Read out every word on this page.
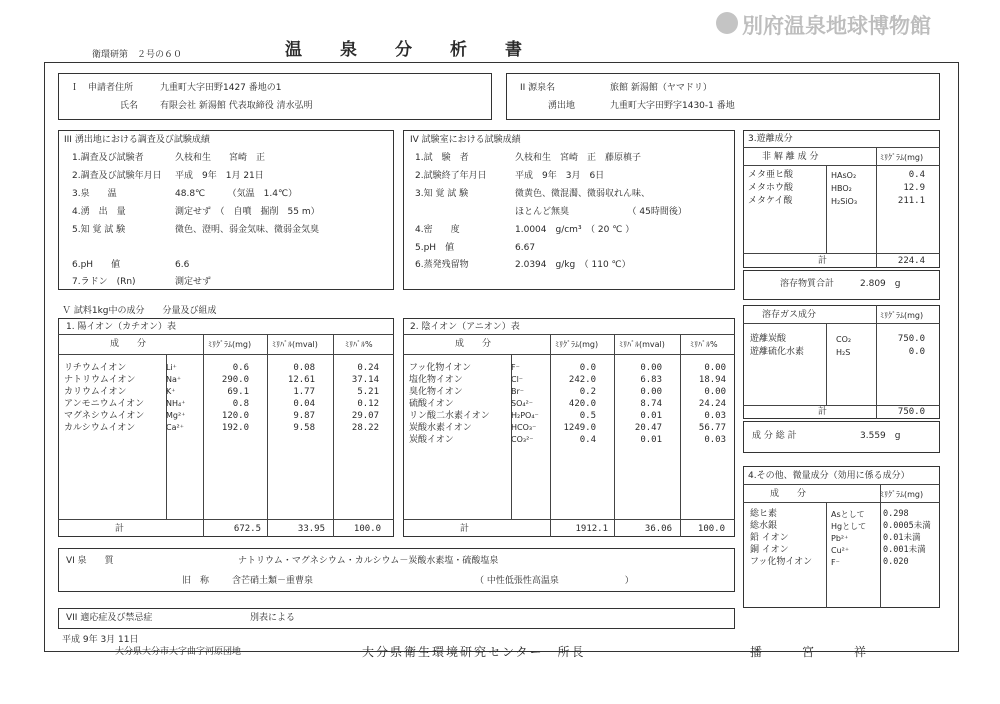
別府温泉地球博物館
衛環研第　２号の６０	温泉分析書
Ｉ　申請者住所	九重町大字田野1427 番地の1
氏名 有限会社 新湯館 代表取締役 清水弘明
II 源泉名	旅館 新湯館（ヤマドリ）
湧出地	九重町大字田野字1430-1 番地
III 湧出地における調査及び試験成績
1.調査及び試験者	久枝和生　　宮崎　正
2.調査及び試験年月日 平成　9年　1月 21日
3.泉　　温	48.8℃　　　（気温　1.4℃）
4.湧　出　量	測定せず　（　自噴　掘削　55 m）
5.知 覚 試 験	微色、澄明、弱金気味、微弱金気臭
6.pH　　値	6.6
7.ラドン　(Rn)	測定せず
IV 試験室における試験成績
1.試　験　者	久枝和生　宮崎　正　藤原槙子
2.試験終了年月日	平成　9年　3月　6日
3.知 覚 試 験	微黄色、微混濁、微弱収れん味、
ほとんど無臭　　　　　　　（ 45時間後）
4.密　　度	1.0004　g/cm³　（ 20 ℃ ）
5.pH　値	6.67
6.蒸発残留物	2.0394　g/kg　（ 110 ℃）
3.遊離成分
非 解 離 成 分	ﾐﾘｸﾞﾗﾑ(mg)
メタ亜ヒ酸	HAsO₂	0.4
メタホウ酸	HBO₂	12.9
メタケイ酸	H₂SiO₃	211.1
計	224.4
溶存物質合計	2.809　g
溶存ガス成分	ﾐﾘｸﾞﾗﾑ(mg)
遊離炭酸	CO₂	750.0
遊離硫化水素	H₂S	0.0
計	750.0
成 分 総 計	3.559　g
Ｖ 試料1kg中の成分　　分量及び組成
1. 陽イオン（カチオン）表
成　　分	ﾐﾘｸﾞﾗﾑ(mg)	ﾐﾘﾊﾞﾙ(mval)	ﾐﾘﾊﾞﾙ%
リチウムイオン	Li⁺	0.6	0.08	0.24
ナトリウムイオン	Na⁺	290.0	12.61	37.14
カリウムイオン	K⁺	69.1	1.77	5.21
アンモニウムイオン	NH₄⁺	0.8	0.04	0.12
マグネシウムイオン	Mg²⁺	120.0	9.87	29.07
カルシウムイオン	Ca²⁺	192.0	9.58	28.22
計	672.5	33.95	100.0
2. 陰イオン（アニオン）表
成　　分	ﾐﾘｸﾞﾗﾑ(mg)	ﾐﾘﾊﾞﾙ(mval)	ﾐﾘﾊﾞﾙ%
フッ化物イオン	F⁻	0.0	0.00	0.00
塩化物イオン	Cl⁻	242.0	6.83	18.94
臭化物イオン	Br⁻	0.2	0.00	0.00
硫酸イオン	SO₄²⁻	420.0	8.74	24.24
リン酸二水素イオン	H₂PO₄⁻	0.5	0.01	0.03
炭酸水素イオン	HCO₃⁻	1249.0	20.47	56.77
炭酸イオン	CO₃²⁻	0.4	0.01	0.03
計	1912.1	36.06	100.0
4.その他、微量成分（効用に係る成分）
成　　分	ﾐﾘｸﾞﾗﾑ(mg)
総ヒ素	Asとして 0.298
総水銀	Hgとして 0.0005未満
鉛 イオン	Pb²⁺	0.01未満
銅 イオン	Cu²⁺	0.001未満
フッ化物イオン F⁻	0.020
VI 泉　　質	ナトリウム・マグネシウム・カルシウム－炭酸水素塩・硫酸塩泉
旧　称	含芒硝土類－重曹泉	（ 中性低張性高温泉　　　　　　　 ）
VII 適応症及び禁忌症	別表による
平成 9年 3月 11日
大分県大分市大字曲字河原団地	大分県衛生環境研究センター　所長	播　宮　祥
